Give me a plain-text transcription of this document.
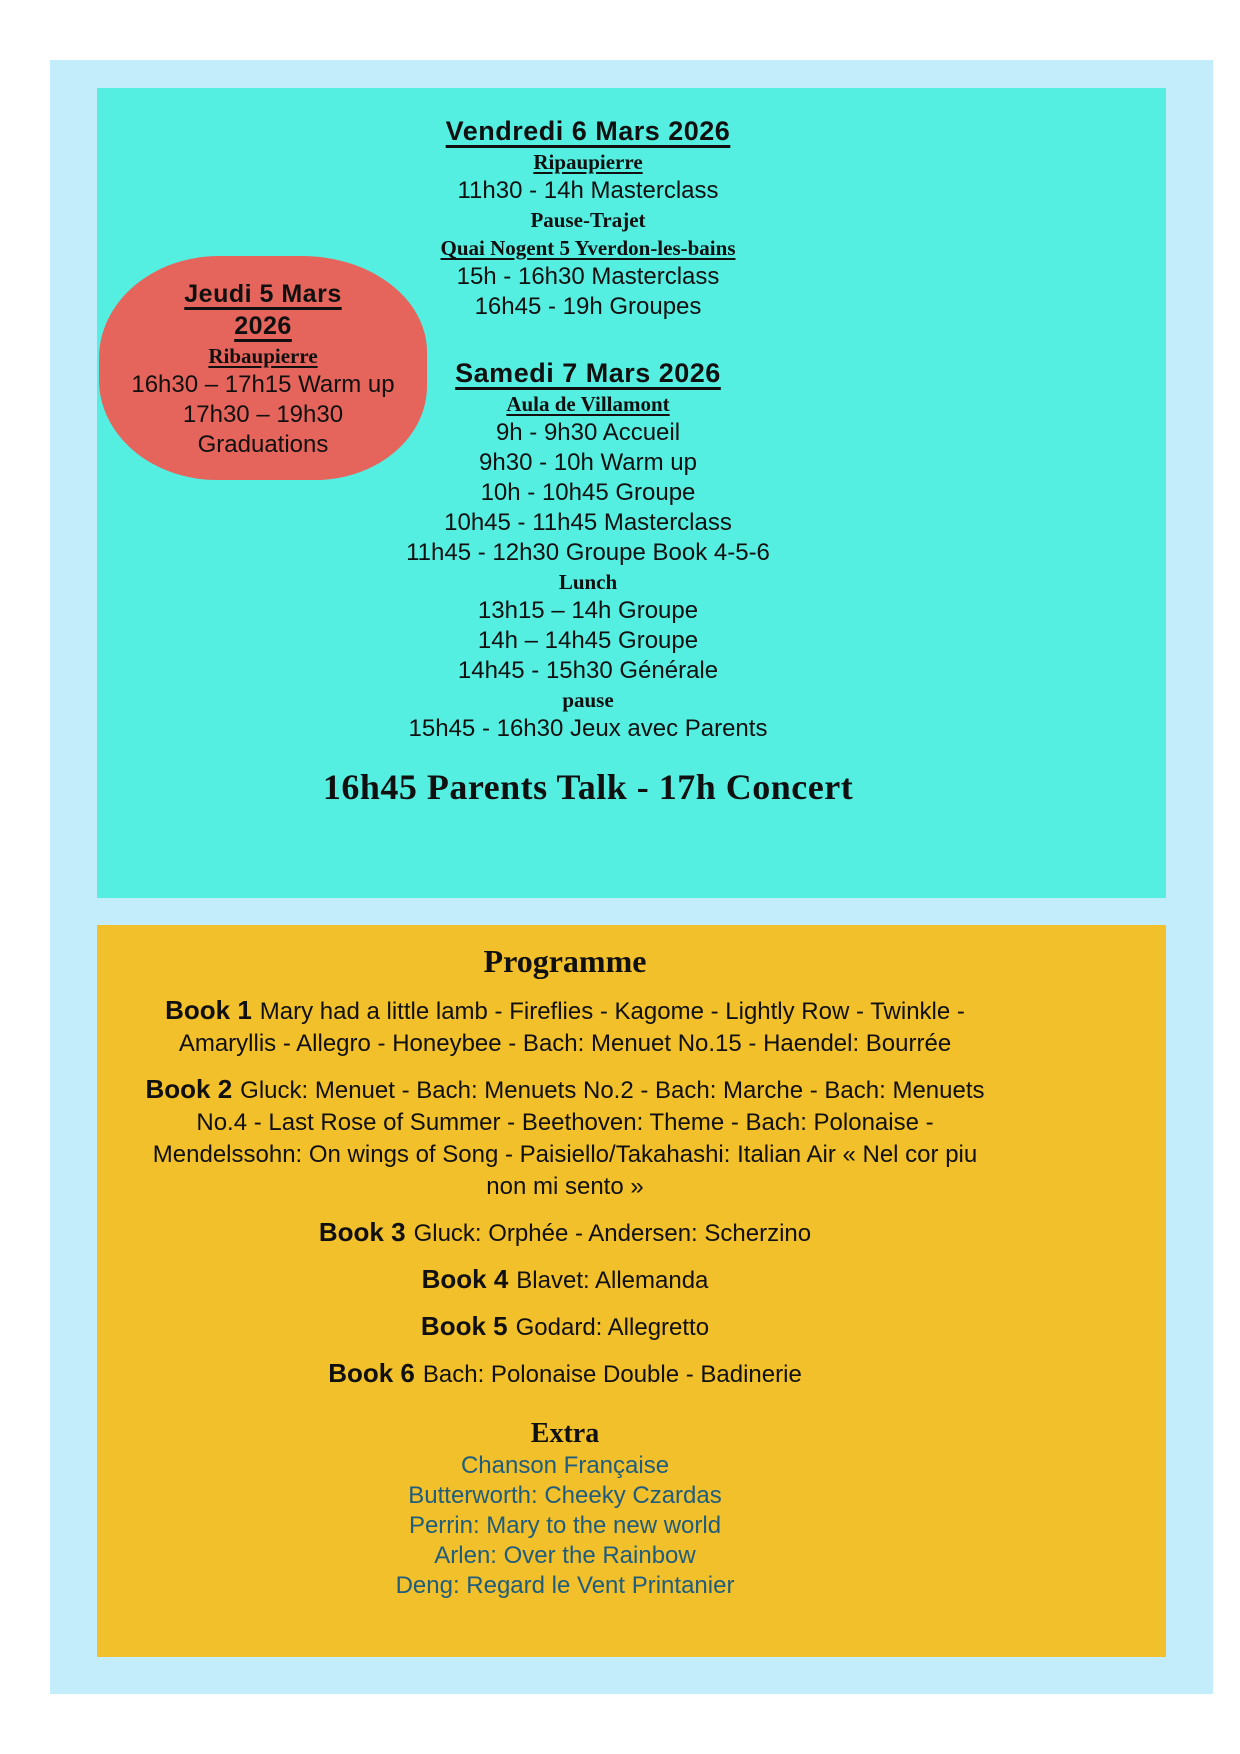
Jeudi 5 Mars
2026
Ribaupierre
16h30 – 17h15 Warm up
17h30 – 19h30
Graduations
Vendredi 6 Mars 2026
Ripaupierre
11h30 - 14h Masterclass
Pause-Trajet
Quai Nogent 5 Yverdon-les-bains
15h - 16h30 Masterclass
16h45 - 19h Groupes
Samedi 7 Mars 2026
Aula de Villamont
9h - 9h30 Accueil
9h30 - 10h Warm up
10h - 10h45 Groupe
10h45 - 11h45 Masterclass
11h45 - 12h30 Groupe Book 4-5-6
Lunch
13h15 – 14h Groupe
14h – 14h45 Groupe
14h45 - 15h30 Générale
pause
15h45 - 16h30 Jeux avec Parents
16h45 Parents Talk - 17h Concert
Programme
Book 1 Mary had a little lamb - Fireflies - Kagome - Lightly Row - Twinkle - Amaryllis - Allegro - Honeybee - Bach: Menuet No.15 - Haendel: Bourrée
Book 2 Gluck: Menuet - Bach: Menuets No.2 - Bach: Marche - Bach: Menuets No.4 - Last Rose of Summer - Beethoven: Theme - Bach: Polonaise - Mendelssohn: On wings of Song - Paisiello/Takahashi: Italian Air « Nel cor piu non mi sento »
Book 3 Gluck: Orphée - Andersen: Scherzino
Book 4 Blavet: Allemanda
Book 5 Godard: Allegretto
Book 6 Bach: Polonaise Double - Badinerie
Extra
Chanson Française
Butterworth: Cheeky Czardas
Perrin: Mary to the new world
Arlen: Over the Rainbow
Deng: Regard le Vent Printanier
